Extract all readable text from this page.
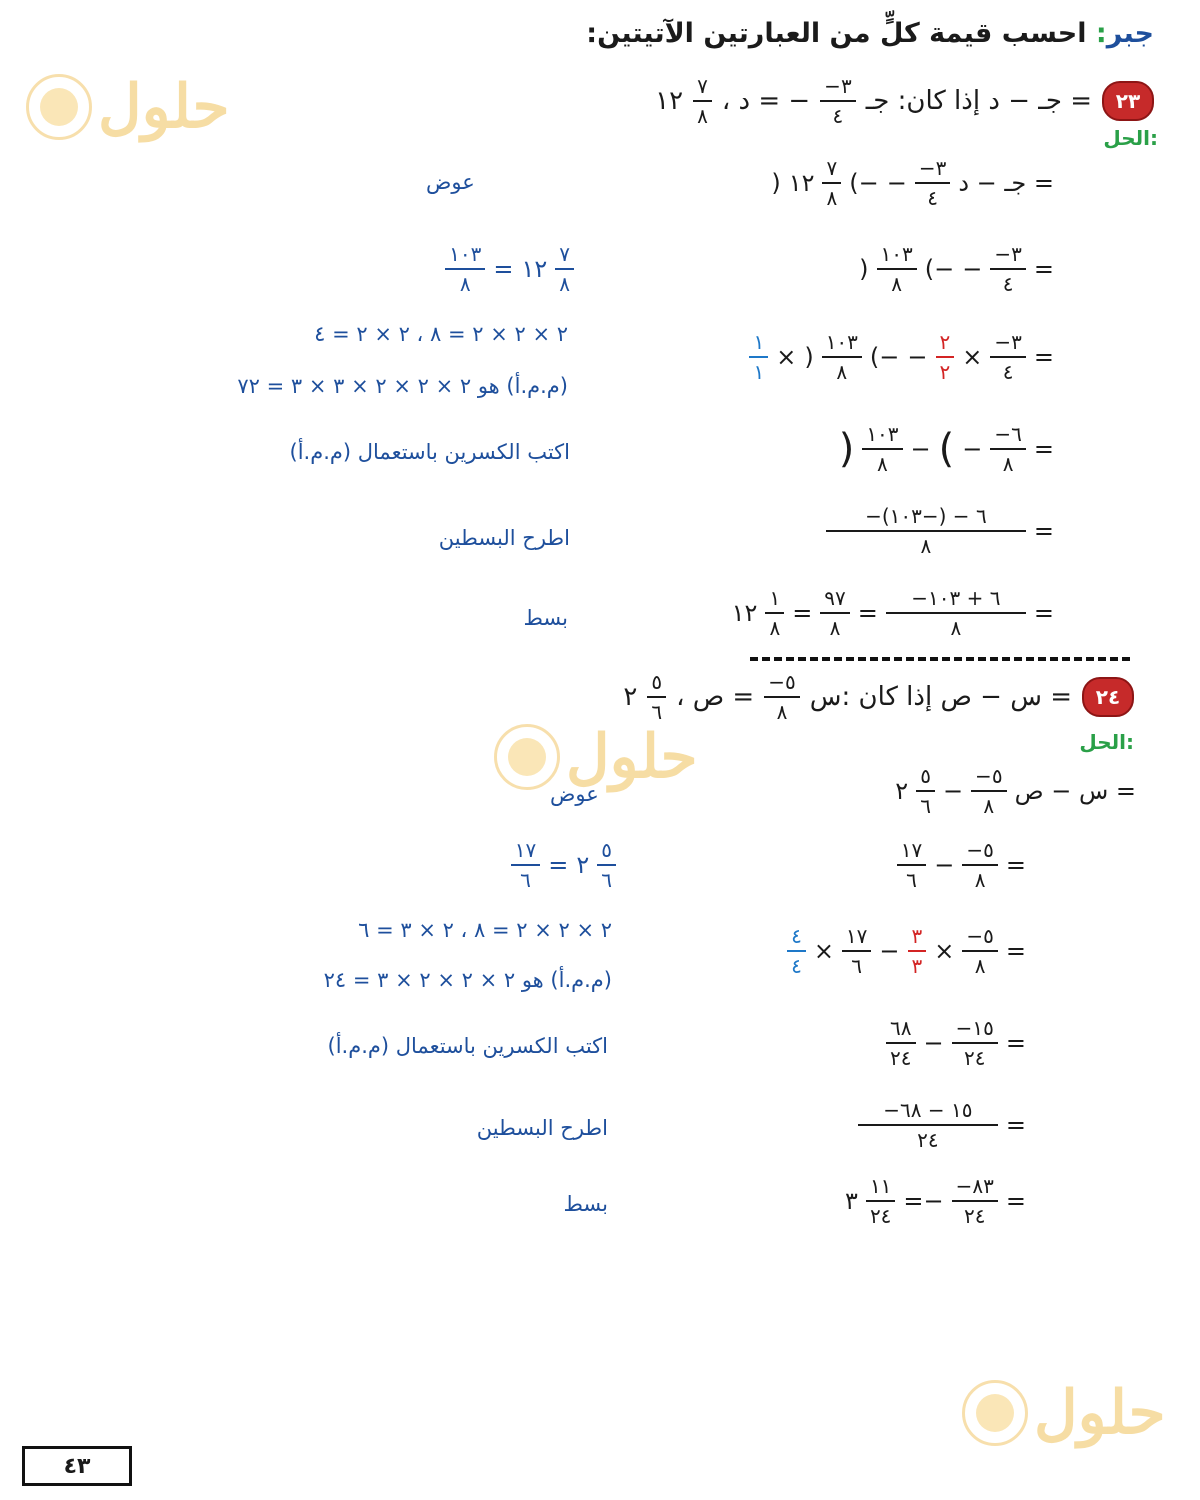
حلول
حلول
حلول
جبر: احسب قيمة كلٍّ من العبارتين الآتيتين:
٢٣
جـ − د إذا كان: جـ =
$\frac{-٣}{٤}$
، د = −
$\frac{٧}{٨}$
١٢
الحل:
جـ − د =
$\frac{-٣}{٤}$
−
(−
$\frac{٧}{٨}$
١٢
)
عوض
=
$\frac{-٣}{٤}$
−
(−
$\frac{١٠٣}{٨}$
)
$\frac{٧}{٨}$
١٢
=
$\frac{١٠٣}{٨}$
=
$\frac{-٣}{٤}$
×
$\frac{٢}{٢}$
−
(−
$\frac{١٠٣}{٨}$
)
×
$\frac{١}{١}$
٢ × ٢ × ٢ = ٨ ، ٢ × ٢ = ٤
(م.م.أ) هو ٢ × ٢ × ٢ × ٣ × ٣ = ٧٢
=
$\frac{-٦}{٨}$
−
(
−
$\frac{١٠٣}{٨}$
)
اكتب الكسرين باستعمال (م.م.أ)
=
$\frac{-٦ - (-١٠٣)}{٨}$
اطرح البسطين
=
$\frac{-٦ + ١٠٣}{٨}$
=
$\frac{٩٧}{٨}$
=
$\frac{١}{٨}$
١٢
بسط
٢٤
س − ص إذا كان :س =
$\frac{-٥}{٨}$
، ص =
$\frac{٥}{٦}$
٢
الحل:
س − ص =
$\frac{-٥}{٨}$
−
$\frac{٥}{٦}$
٢
عوض
=
$\frac{-٥}{٨}$
−
$\frac{١٧}{٦}$
$\frac{٥}{٦}$
٢
=
$\frac{١٧}{٦}$
=
$\frac{-٥}{٨}$
×
$\frac{٣}{٣}$
−
$\frac{١٧}{٦}$
×
$\frac{٤}{٤}$
٢ × ٢ × ٢ = ٨ ، ٢ × ٣ = ٦
(م.م.أ) هو ٢ × ٢ × ٢ × ٣ = ٢٤
=
$\frac{-١٥}{٢٤}$
−
$\frac{٦٨}{٢٤}$
اكتب الكسرين باستعمال (م.م.أ)
=
$\frac{-١٥ - ٦٨}{٢٤}$
اطرح البسطين
=
$\frac{-٨٣}{٢٤}$
=−
$\frac{١١}{٢٤}$
٣
بسط
٤٣
